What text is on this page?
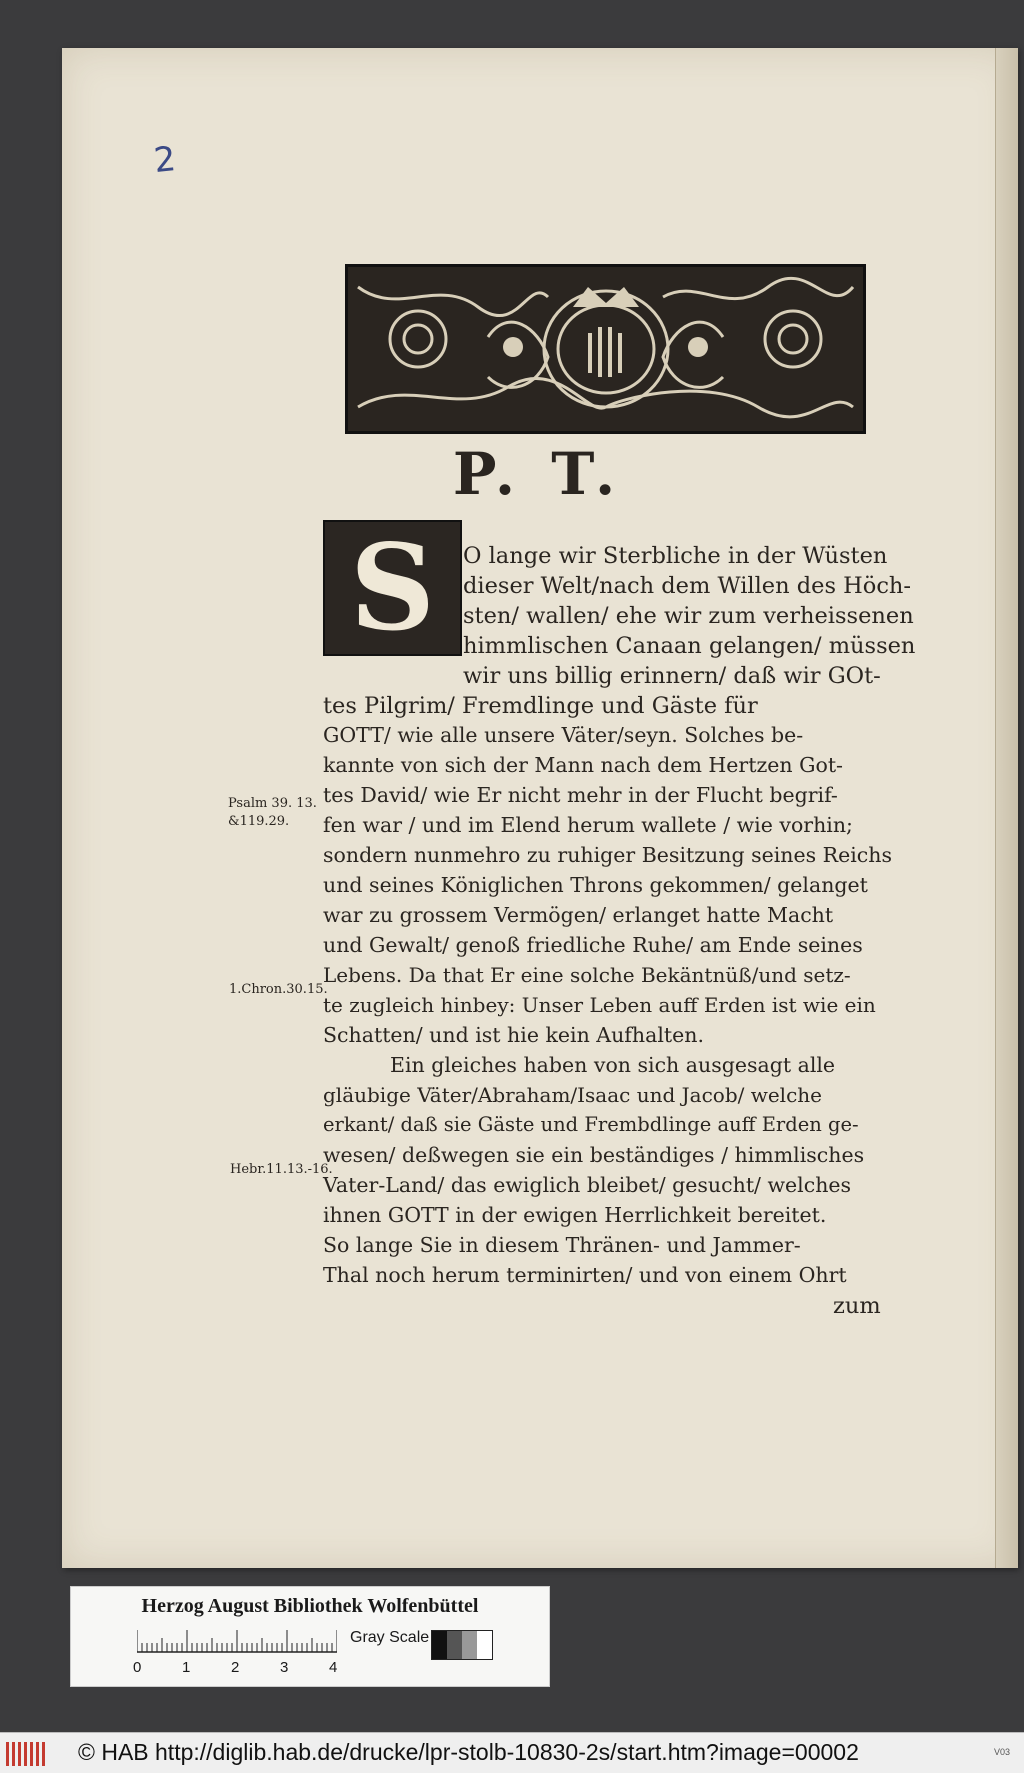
2
P. T.
S	O lange wir Sterbliche in der Wüsten
dieser Welt/nach dem Willen des Höch-
sten/ wallen/ ehe wir zum verheissenen
himmlischen Canaan gelangen/ müssen
wir uns billig erinnern/ daß wir GOt-
tes Pilgrim/ Fremdlinge und Gäste für
GOTT/ wie alle unsere Väter/seyn. Solches be-
kannte von sich der Mann nach dem Hertzen Got-
tes David/ wie Er nicht mehr in der Flucht begrif-
fen war / und im Elend herum wallete / wie vorhin;
sondern nunmehro zu ruhiger Besitzung seines Reichs
und seines Königlichen Throns gekommen/ gelanget
war zu grossem Vermögen/ erlanget hatte Macht
und Gewalt/ genoß friedliche Ruhe/ am Ende seines
Lebens. Da that Er eine solche Bekäntnüß/und setz-
te zugleich hinbey: Unser Leben auff Erden ist wie ein
Schatten/ und ist hie kein Aufhalten.
Ein gleiches haben von sich ausgesagt alle
gläubige Väter/Abraham/Isaac und Jacob/ welche
erkant/ daß sie Gäste und Frembdlinge auff Erden ge-
wesen/ deßwegen sie ein beständiges / himmlisches
Vater-Land/ das ewiglich bleibet/ gesucht/ welches
ihnen GOTT in der ewigen Herrlichkeit bereitet.
So lange Sie in diesem Thränen- und Jammer-
Thal noch herum terminirten/ und von einem Ohrt
zum
Psalm 39. 13.
&119.29.
1.Chron.30.15.
Hebr.11.13.-16.
Herzog August Bibliothek Wolfenbüttel
0	1	2	3	4
Gray Scale
© HAB http://diglib.hab.de/drucke/lpr-stolb-10830-2s/start.htm?image=00002	V03
